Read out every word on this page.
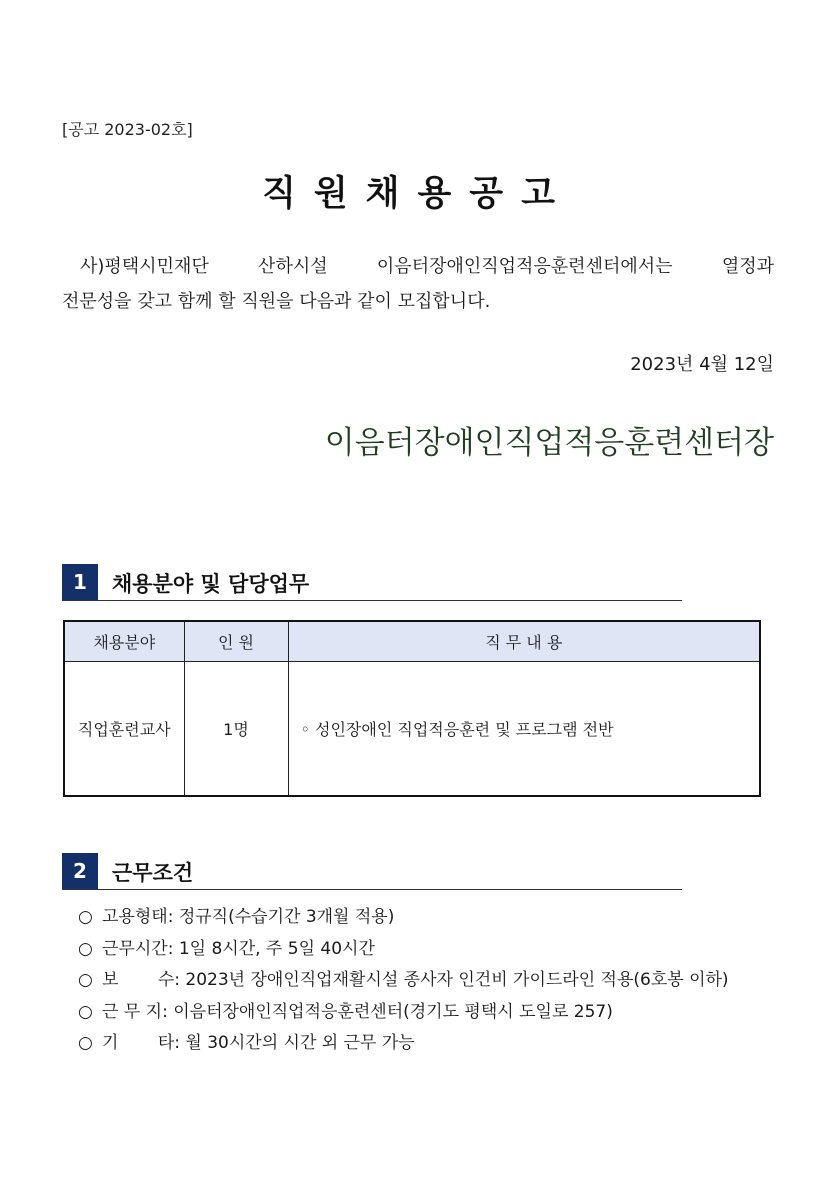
[공고 2023-02호]
직원채용공고
사)평택시민재단 산하시설 이음터장애인직업적응훈련센터에서는 열정과
전문성을 갖고 함께 할 직원을 다음과 같이 모집합니다.
2023년 4월 12일
이음터장애인직업적응훈련센터장
1	채용분야 및 담당업무
채용분야	인 원	직 무 내 용
직업훈련교사	1명	◦ 성인장애인 직업적응훈련 및 프로그램 전반
2	근무조건
○ 고용형태: 정규직(수습기간 3개월 적용)
○ 근무시간: 1일 8시간, 주 5일 40시간
○ 보 수: 2023년 장애인직업재활시설 종사자 인건비 가이드라인 적용(6호봉 이하)
○ 근 무 지: 이음터장애인직업적응훈련센터(경기도 평택시 도일로 257)
○ 기 타: 월 30시간의 시간 외 근무 가능
